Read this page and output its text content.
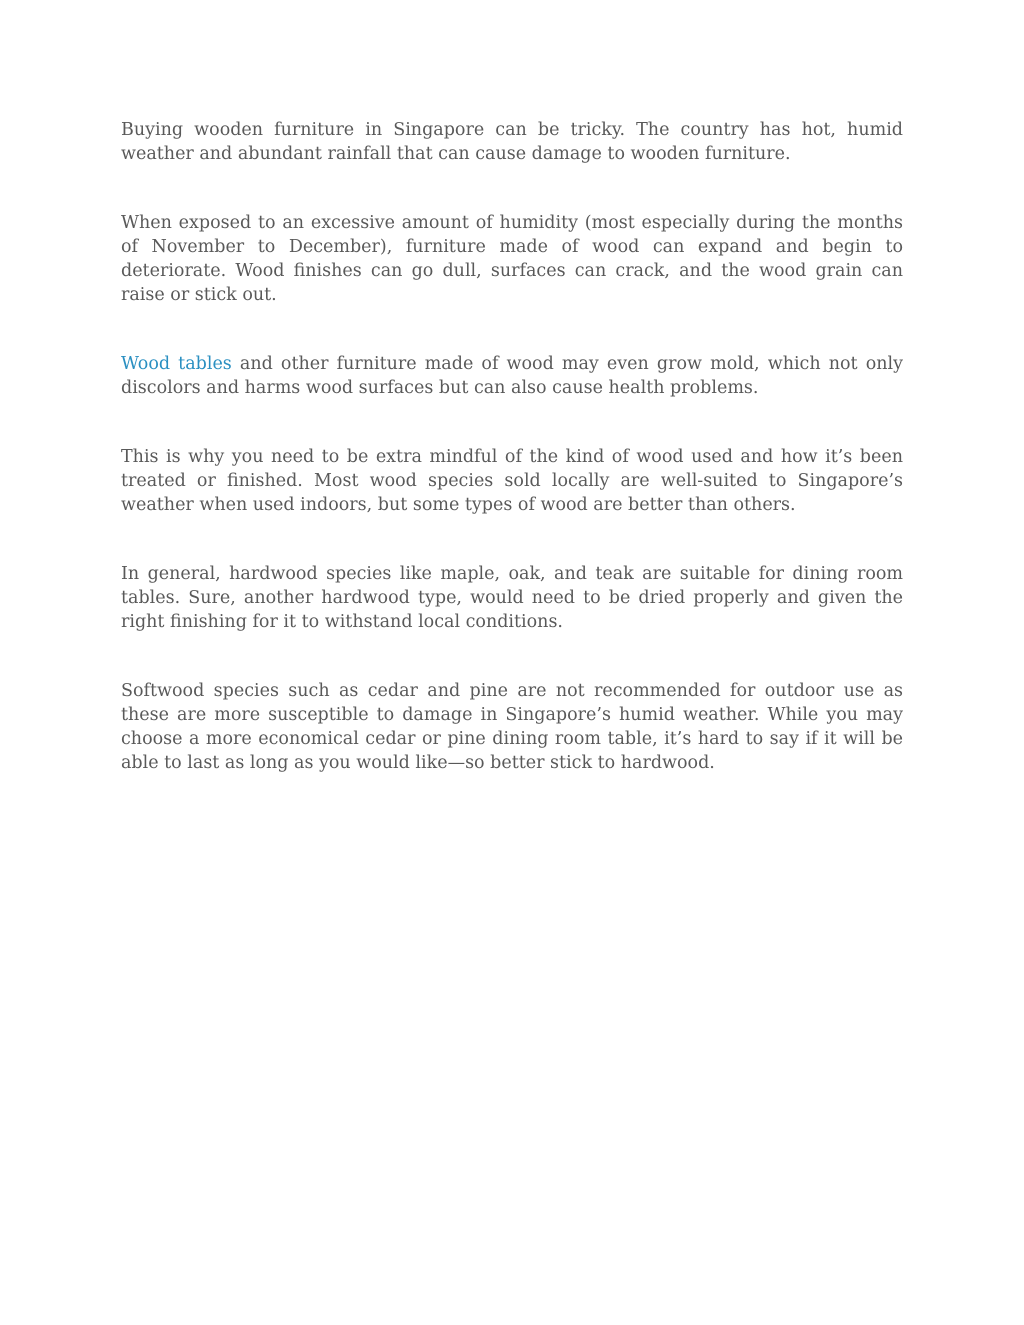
Buying wooden furniture in Singapore can be tricky. The country has hot, humid weather and abundant rainfall that can cause damage to wooden furniture.

When exposed to an excessive amount of humidity (most especially during the months of November to December), furniture made of wood can expand and begin to deteriorate. Wood finishes can go dull, surfaces can crack, and the wood grain can raise or stick out.

Wood tables and other furniture made of wood may even grow mold, which not only discolors and harms wood surfaces but can also cause health problems.

This is why you need to be extra mindful of the kind of wood used and how it’s been treated or finished. Most wood species sold locally are well-suited to Singapore’s weather when used indoors, but some types of wood are better than others.

In general, hardwood species like maple, oak, and teak are suitable for dining room tables. Sure, another hardwood type, would need to be dried properly and given the right finishing for it to withstand local conditions.

Softwood species such as cedar and pine are not recommended for outdoor use as these are more susceptible to damage in Singapore’s humid weather. While you may choose a more economical cedar or pine dining room table, it’s hard to say if it will be able to last as long as you would like—so better stick to hardwood.
